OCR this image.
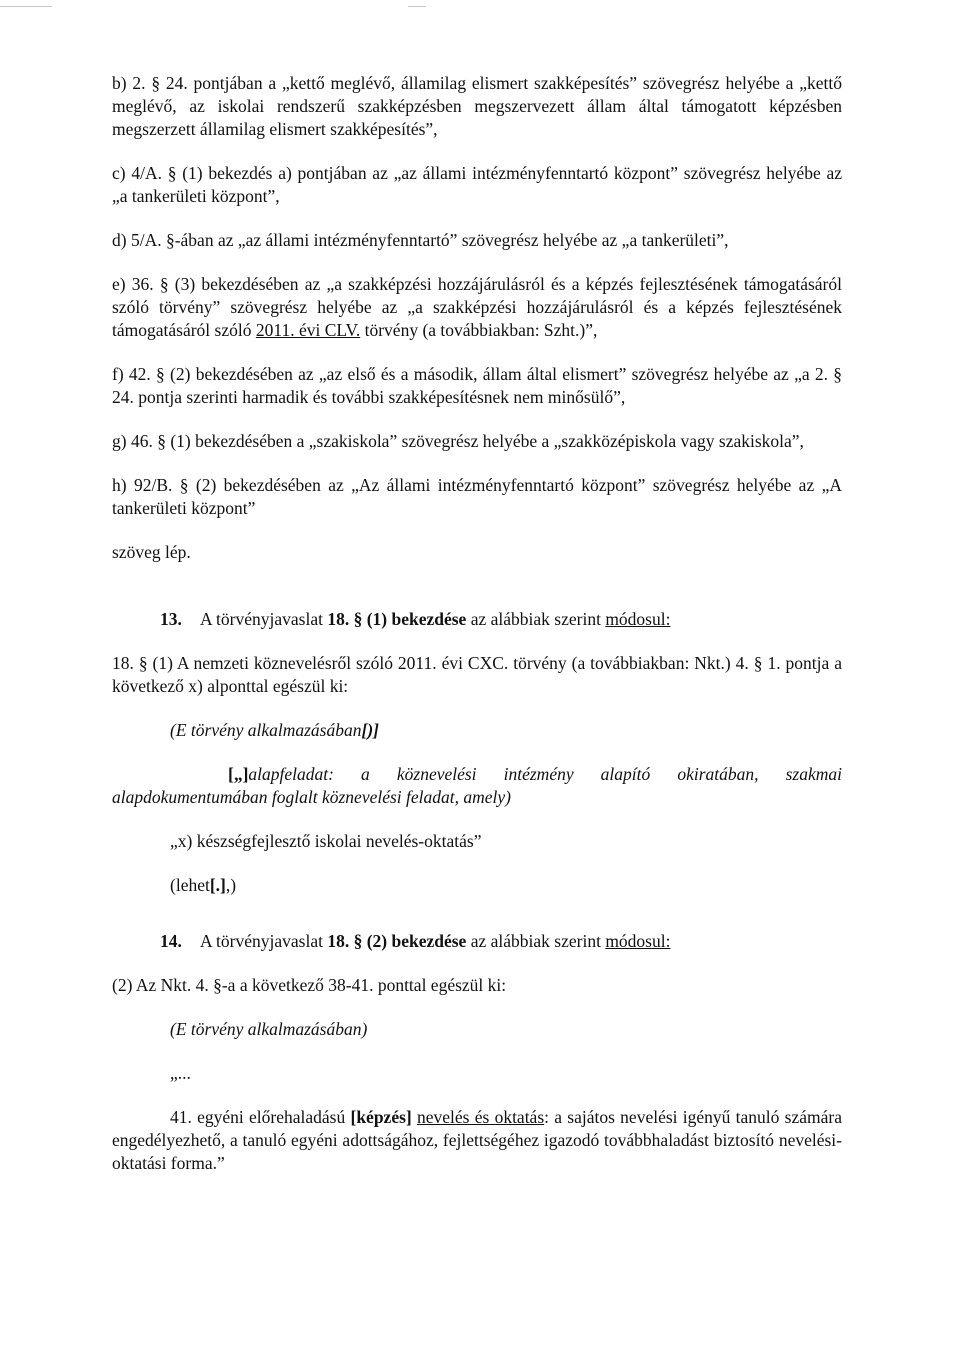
b) 2. § 24. pontjában a „kettő meglévő, államilag elismert szakképesítés” szövegrész helyébe a „kettő meglévő, az iskolai rendszerű szakképzésben megszervezett állam által támogatott képzésben megszerzett államilag elismert szakképesítés”,

c) 4/A. § (1) bekezdés a) pontjában az „az állami intézményfenntartó központ” szövegrész helyébe az „a tankerületi központ”,

d) 5/A. §-ában az „az állami intézményfenntartó” szövegrész helyébe az „a tankerületi”,

e) 36. § (3) bekezdésében az „a szakképzési hozzájárulásról és a képzés fejlesztésének támogatásáról szóló törvény” szövegrész helyébe az „a szakképzési hozzájárulásról és a képzés fejlesztésének támogatásáról szóló 2011. évi CLV. törvény (a továbbiakban: Szht.)”,

f) 42. § (2) bekezdésében az „az első és a második, állam által elismert” szövegrész helyébe az „a 2. § 24. pontja szerinti harmadik és további szakképesítésnek nem minősülő”,

g) 46. § (1) bekezdésében a „szakiskola” szövegrész helyébe a „szakközépiskola vagy szakiskola”,

h) 92/B. § (2) bekezdésében az „Az állami intézményfenntartó központ” szövegrész helyébe az „A tankerületi központ”

szöveg lép.

13. A törvényjavaslat 18. § (1) bekezdése az alábbiak szerint módosul:

18. § (1) A nemzeti köznevelésről szóló 2011. évi CXC. törvény (a továbbiakban: Nkt.) 4. § 1. pontja a következő x) alponttal egészül ki:

(E törvény alkalmazásában[)]

[„]alapfeladat: a köznevelési intézmény alapító okiratában, szakmai alapdokumentumában foglalt köznevelési feladat, amely)

„x) készségfejlesztő iskolai nevelés-oktatás”

(lehet[.],)

14. A törvényjavaslat 18. § (2) bekezdése az alábbiak szerint módosul:

(2) Az Nkt. 4. §-a a következő 38-41. ponttal egészül ki:

(E törvény alkalmazásában)

„...

41. egyéni előrehaladású [képzés] nevelés és oktatás: a sajátos nevelési igényű tanuló számára engedélyezhető, a tanuló egyéni adottságához, fejlettségéhez igazodó továbbhaladást biztosító nevelési-oktatási forma.”
